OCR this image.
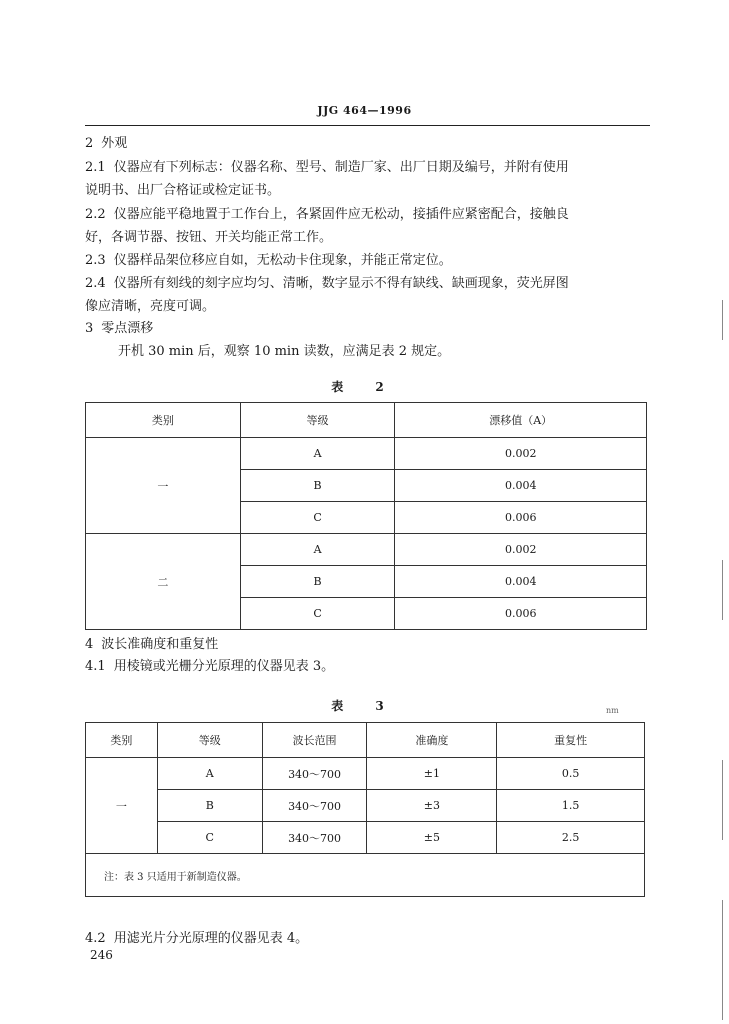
JJG 464—1996
2 外观
2.1 仪器应有下列标志：仪器名称、型号、制造厂家、出厂日期及编号，并附有使用
说明书、出厂合格证或检定证书。
2.2 仪器应能平稳地置于工作台上，各紧固件应无松动，接插件应紧密配合，接触良
好，各调节器、按钮、开关均能正常工作。
2.3 仪器样品架位移应自如，无松动卡住现象，并能正常定位。
2.4 仪器所有刻线的刻字应均匀、清晰，数字显示不得有缺线、缺画现象，荧光屏图
像应清晰，亮度可调。
3 零点漂移
开机 30 min 后，观察 10 min 读数，应满足表 2 规定。
表 2
类别	等级	漂移值（A）
一	A	0.002
	B	0.004
	C	0.006
二	A	0.002
	B	0.004
	C	0.006
4 波长准确度和重复性
4.1 用棱镜或光栅分光原理的仪器见表 3。
表 3	nm
类别	等级	波长范围	准确度	重复性
一	A	340～700	±1	0.5
	B	340～700	±3	1.5
	C	340～700	±5	2.5
注：表 3 只适用于新制造仪器。				
4.2 用滤光片分光原理的仪器见表 4。
246
